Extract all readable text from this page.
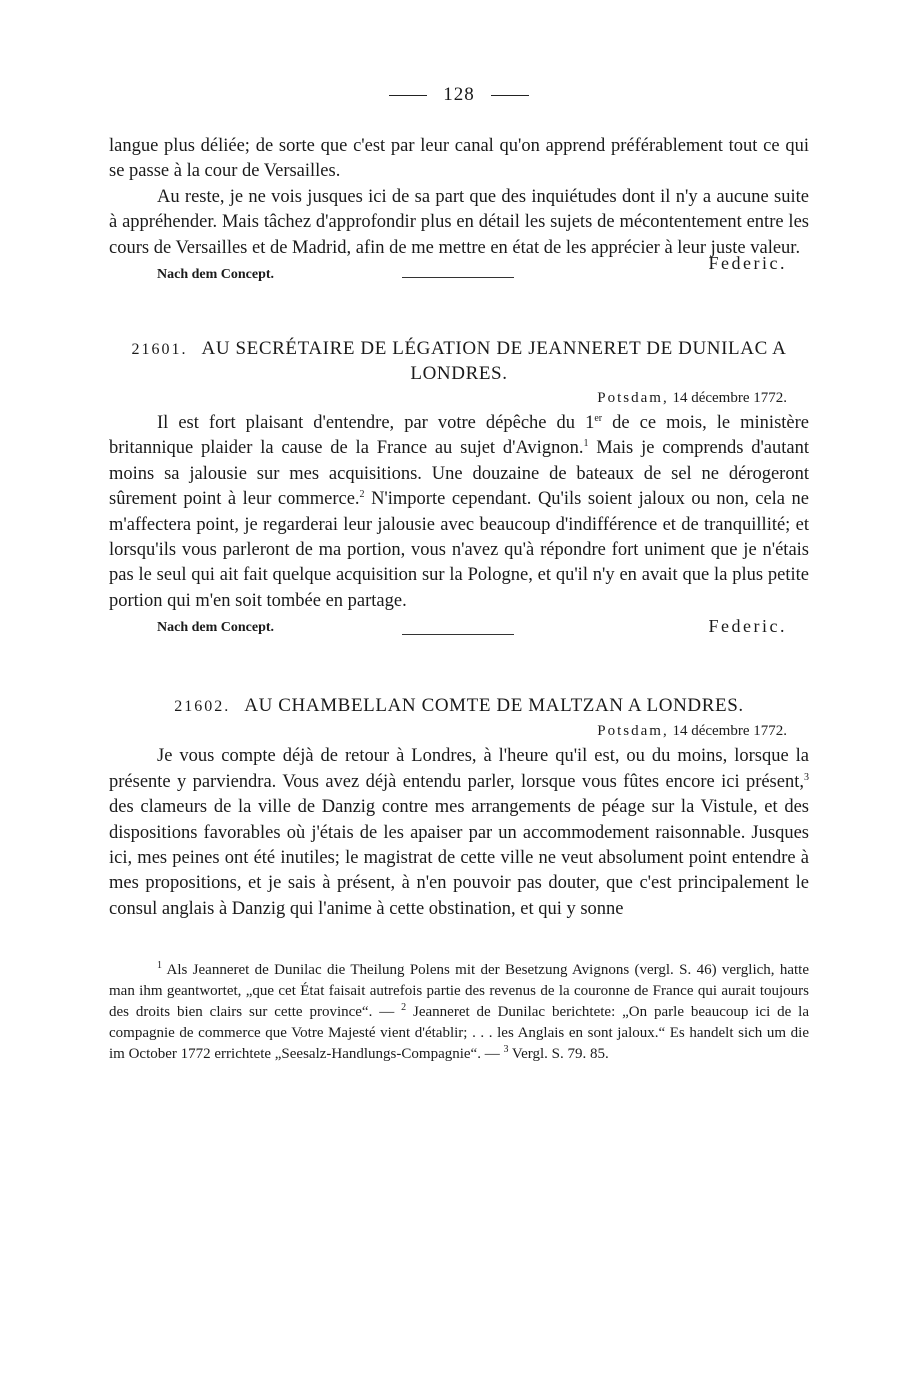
128

langue plus déliée; de sorte que c'est par leur canal qu'on apprend préférablement tout ce qui se passe à la cour de Versailles.

Au reste, je ne vois jusques ici de sa part que des inquiétudes dont il n'y a aucune suite à appréhender. Mais tâchez d'approfondir plus en détail les sujets de mécontentement entre les cours de Versailles et de Madrid, afin de me mettre en état de les apprécier à leur juste valeur.

Nach dem Concept.
Federic.
21601. AU SECRÉTAIRE DE LÉGATION DE JEANNERET DE DUNILAC A LONDRES.
Potsdam, 14 décembre 1772.

Il est fort plaisant d'entendre, par votre dépêche du 1er de ce mois, le ministère britannique plaider la cause de la France au sujet d'Avignon.$^1$ Mais je comprends d'autant moins sa jalousie sur mes acquisitions. Une douzaine de bateaux de sel ne dérogeront sûrement point à leur commerce.$^2$ N'importe cependant. Qu'ils soient jaloux ou non, cela ne m'affectera point, je regarderai leur jalousie avec beaucoup d'indifférence et de tranquillité; et lorsqu'ils vous parleront de ma portion, vous n'avez qu'à répondre fort uniment que je n'étais pas le seul qui ait fait quelque acquisition sur la Pologne, et qu'il n'y en avait que la plus petite portion qui m'en soit tombée en partage.

Nach dem Concept.	Federic.
21602. AU CHAMBELLAN COMTE DE MALTZAN A LONDRES.
Potsdam, 14 décembre 1772.

Je vous compte déjà de retour à Londres, à l'heure qu'il est, ou du moins, lorsque la présente y parviendra. Vous avez déjà entendu parler, lorsque vous fûtes encore ici présent,$^3$ des clameurs de la ville de Danzig contre mes arrangements de péage sur la Vistule, et des dispositions favorables où j'étais de les apaiser par un accommodement raisonnable. Jusques ici, mes peines ont été inutiles; le magistrat de cette ville ne veut absolument point entendre à mes propositions, et je sais à présent, à n'en pouvoir pas douter, que c'est principalement le consul anglais à Danzig qui l'anime à cette obstination, et qui y sonne

$^1$ Als Jeanneret de Dunilac die Theilung Polens mit der Besetzung Avignons (vergl. S. 46) verglich, hatte man ihm geantwortet, „que cet État faisait autrefois partie des revenus de la couronne de France qui aurait toujours des droits bien clairs sur cette province“. — $^2$ Jeanneret de Dunilac berichtete: „On parle beaucoup ici de la compagnie de commerce que Votre Majesté vient d'établir; . . . les Anglais en sont jaloux.“ Es handelt sich um die im October 1772 errichtete „Seesalz-Handlungs-Compagnie“. — $^3$ Vergl. S. 79. 85.
